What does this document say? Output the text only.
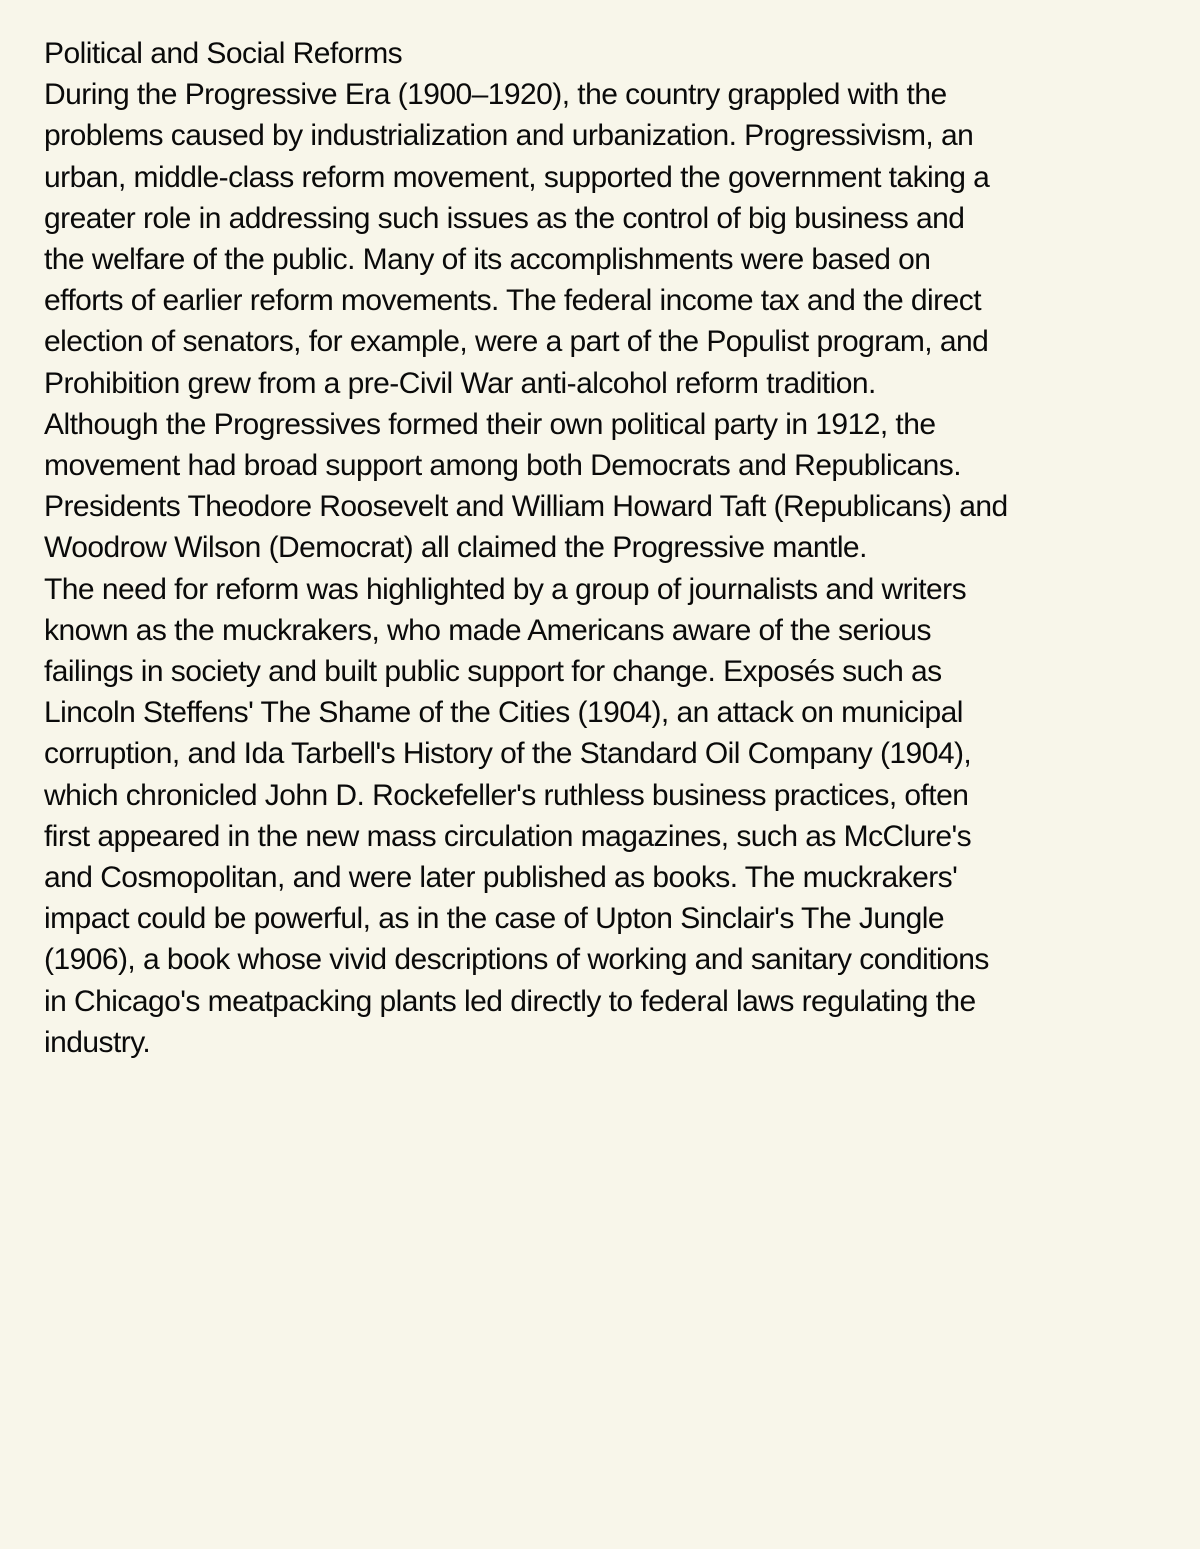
Political and Social Reforms
During the Progressive Era (1900–1920), the country grappled with the
problems caused by industrialization and urbanization. Progressivism, an
urban, middle-class reform movement, supported the government taking a
greater role in addressing such issues as the control of big business and
the welfare of the public. Many of its accomplishments were based on
efforts of earlier reform movements. The federal income tax and the direct
election of senators, for example, were a part of the Populist program, and
Prohibition grew from a pre-Civil War anti-alcohol reform tradition.
Although the Progressives formed their own political party in 1912, the
movement had broad support among both Democrats and Republicans.
Presidents Theodore Roosevelt and William Howard Taft (Republicans) and
Woodrow Wilson (Democrat) all claimed the Progressive mantle.
The need for reform was highlighted by a group of journalists and writers
known as the muckrakers, who made Americans aware of the serious
failings in society and built public support for change. Exposés such as
Lincoln Steffens' The Shame of the Cities (1904), an attack on municipal
corruption, and Ida Tarbell's History of the Standard Oil Company (1904),
which chronicled John D. Rockefeller's ruthless business practices, often
first appeared in the new mass circulation magazines, such as McClure's
and Cosmopolitan, and were later published as books. The muckrakers'
impact could be powerful, as in the case of Upton Sinclair's The Jungle
(1906), a book whose vivid descriptions of working and sanitary conditions
in Chicago's meatpacking plants led directly to federal laws regulating the
industry.
